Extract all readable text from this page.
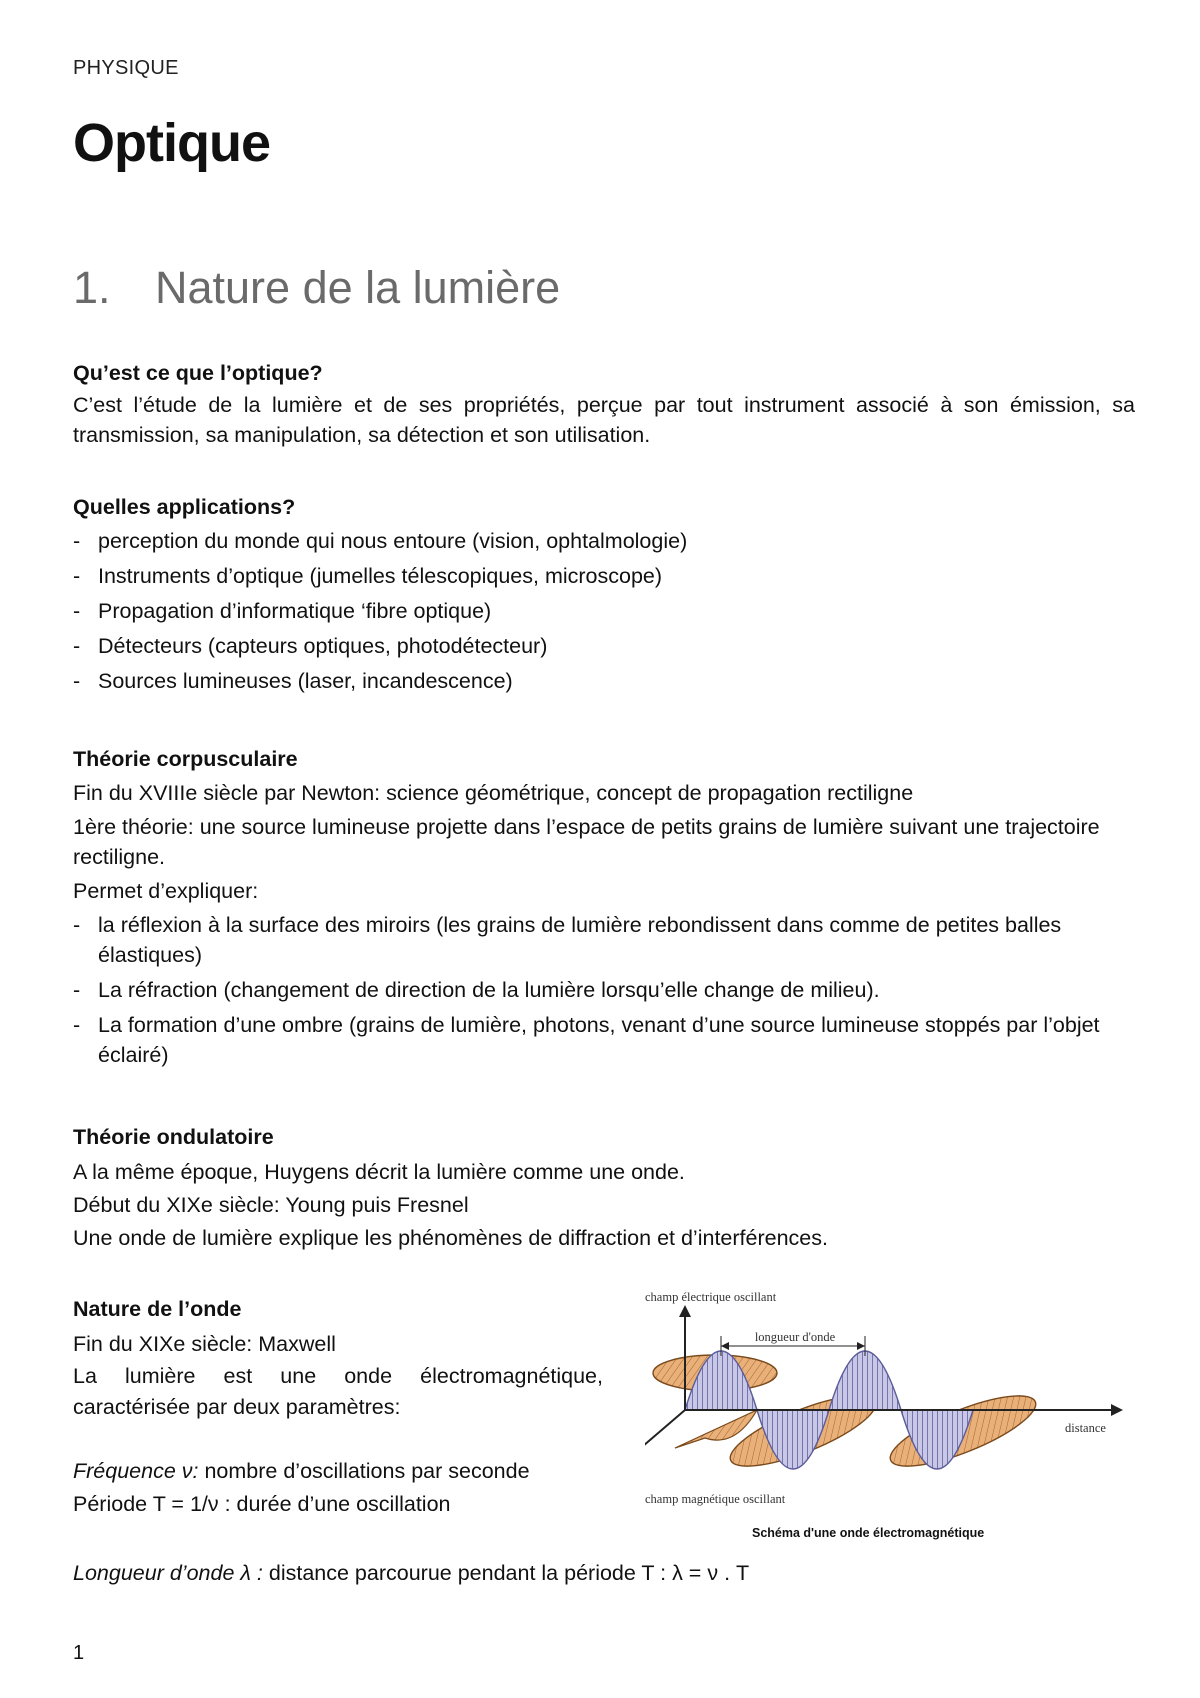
PHYSIQUE
Optique
1. Nature de la lumière
Qu’est ce que l’optique?

C’est l’étude de la lumière et de ses propriétés, perçue par tout instrument associé à son émission, sa transmission, sa manipulation, sa détection et son utilisation.

Quelles applications?
- perception du monde qui nous entoure (vision, ophtalmologie)
- Instruments d’optique (jumelles télescopiques, microscope)
- Propagation d’informatique ‘fibre optique)
- Détecteurs (capteurs optiques, photodétecteur)
- Sources lumineuses (laser, incandescence)
Théorie corpusculaire

Fin du XVIIIe siècle par Newton: science géométrique, concept de propagation rectiligne

1ère théorie: une source lumineuse projette dans l’espace de petits grains de lumière suivant une trajectoire rectiligne.

Permet d’expliquer:

- la réflexion à la surface des miroirs (les grains de lumière rebondissent dans comme de petites balles élastiques)
- La réfraction (changement de direction de la lumière lorsqu’elle change de milieu).
- La formation d’une ombre (grains de lumière, photons, venant d’une source lumineuse stoppés par l’objet éclairé)
Théorie ondulatoire

A la même époque, Huygens décrit la lumière comme une onde.

Début du XIXe siècle: Young puis Fresnel

Une onde de lumière explique les phénomènes de diffraction et d’interférences.

Nature de l’onde

Fin du XIXe siècle: Maxwell

La lumière est une onde électromagnétique, caractérisée par deux paramètres:

Fréquence ν: nombre d’oscillations par seconde

Période T = 1/ν : durée d’une oscillation

Longueur d’onde λ : distance parcourue pendant la période T : λ = ν . T

1
longueur d'onde
champ électrique oscillant
distance
champ magnétique oscillant
Schéma d'une onde électromagnétique
